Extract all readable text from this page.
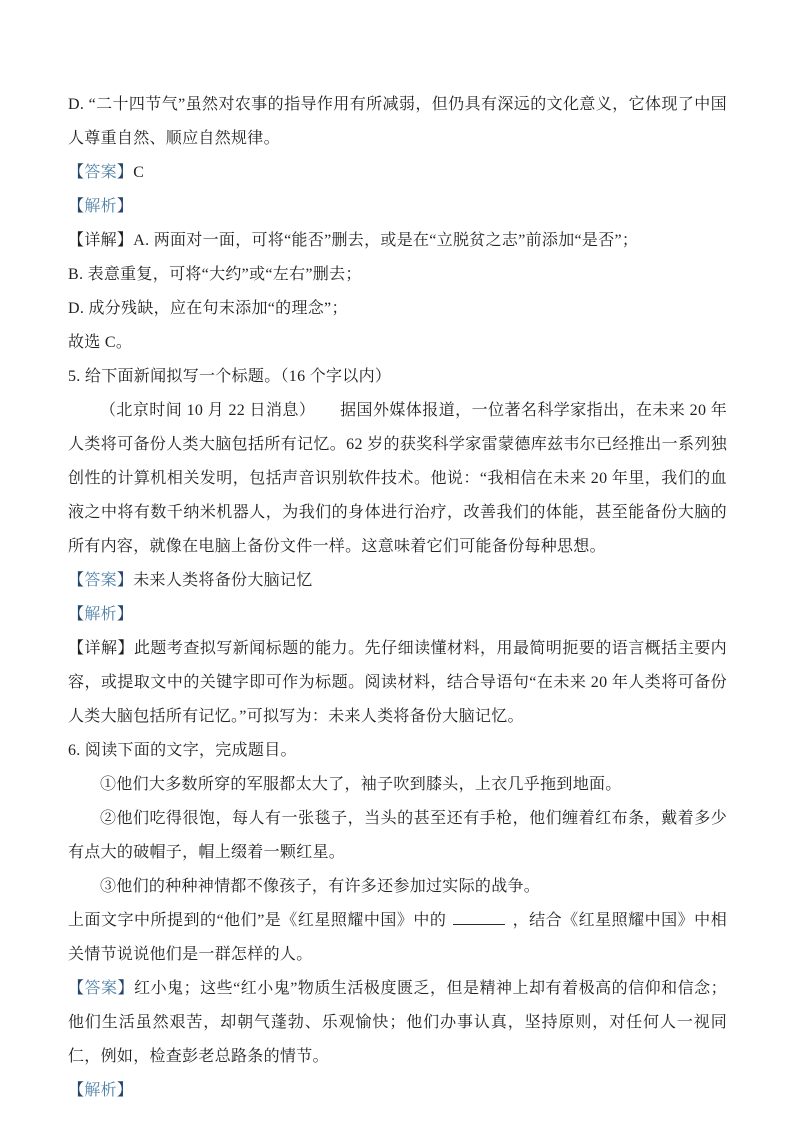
D. “二十四节气”虽然对农事的指导作用有所减弱，但仍具有深远的文化意义，它体现了中国人尊重自然、顺应自然规律。

【答案】C

【解析】

【详解】A. 两面对一面，可将“能否”删去，或是在“立脱贫之志”前添加“是否”；

B. 表意重复，可将“大约”或“左右”删去；

D. 成分残缺，应在句末添加“的理念”；

故选 C。

5. 给下面新闻拟写一个标题。（16 个字以内）

（北京时间 10 月 22 日消息）　　据国外媒体报道，一位著名科学家指出，在未来 20 年人类将可备份人类大脑包括所有记忆。62 岁的获奖科学家雷蒙德库兹韦尔已经推出一系列独创性的计算机相关发明，包括声音识别软件技术。他说：“我相信在未来 20 年里，我们的血液之中将有数千纳米机器人，为我们的身体进行治疗，改善我们的体能，甚至能备份大脑的所有内容，就像在电脑上备份文件一样。这意味着它们可能备份每种思想。

【答案】未来人类将备份大脑记忆

【解析】

【详解】此题考查拟写新闻标题的能力。先仔细读懂材料，用最简明扼要的语言概括主要内容，或提取文中的关键字即可作为标题。阅读材料，结合导语句“在未来 20 年人类将可备份人类大脑包括所有记忆。”可拟写为：未来人类将备份大脑记忆。

6. 阅读下面的文字，完成题目。

①他们大多数所穿的军服都太大了，袖子吹到膝头，上衣几乎拖到地面。

②他们吃得很饱，每人有一张毯子，当头的甚至还有手枪，他们缠着红布条，戴着多少有点大的破帽子，帽上缀着一颗红星。

③他们的种种神情都不像孩子，有许多还参加过实际的战争。

上面文字中所提到的“他们”是《红星照耀中国》中的	，结合《红星照耀中国》中相关情节说说他们是一群怎样的人。

【答案】红小鬼；这些“红小鬼”物质生活极度匮乏，但是精神上却有着极高的信仰和信念；他们生活虽然艰苦，却朝气蓬勃、乐观愉快；他们办事认真，坚持原则，对任何人一视同仁，例如，检查彭老总路条的情节。

【解析】
